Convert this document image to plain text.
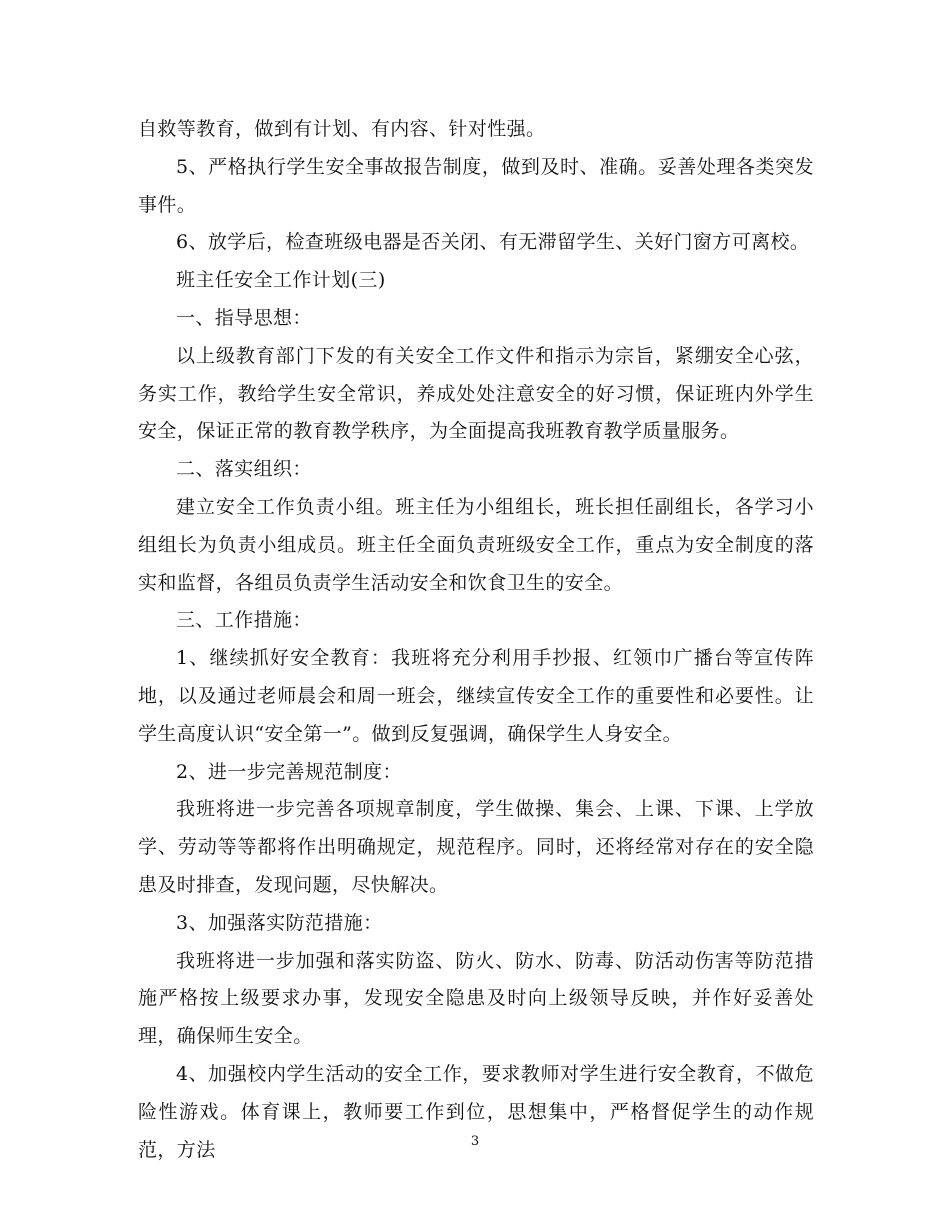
自救等教育，做到有计划、有内容、针对性强。

5、严格执行学生安全事故报告制度，做到及时、准确。妥善处理各类突发事件。

6、放学后，检查班级电器是否关闭、有无滞留学生、关好门窗方可离校。

班主任安全工作计划(三)

一、指导思想：

以上级教育部门下发的有关安全工作文件和指示为宗旨，紧绷安全心弦，务实工作，教给学生安全常识，养成处处注意安全的好习惯，保证班内外学生安全，保证正常的教育教学秩序，为全面提高我班教育教学质量服务。

二、落实组织：

建立安全工作负责小组。班主任为小组组长，班长担任副组长，各学习小组组长为负责小组成员。班主任全面负责班级安全工作，重点为安全制度的落实和监督，各组员负责学生活动安全和饮食卫生的安全。

三、工作措施：

1、继续抓好安全教育：我班将充分利用手抄报、红领巾广播台等宣传阵地，以及通过老师晨会和周一班会，继续宣传安全工作的重要性和必要性。让学生高度认识“安全第一”。做到反复强调，确保学生人身安全。

2、进一步完善规范制度：

我班将进一步完善各项规章制度，学生做操、集会、上课、下课、上学放学、劳动等等都将作出明确规定，规范程序。同时，还将经常对存在的安全隐患及时排查，发现问题，尽快解决。

3、加强落实防范措施：

我班将进一步加强和落实防盗、防火、防水、防毒、防活动伤害等防范措施严格按上级要求办事，发现安全隐患及时向上级领导反映，并作好妥善处理，确保师生安全。

4、加强校内学生活动的安全工作，要求教师对学生进行安全教育，不做危险性游戏。体育课上，教师要工作到位，思想集中，严格督促学生的动作规范，方法	3
